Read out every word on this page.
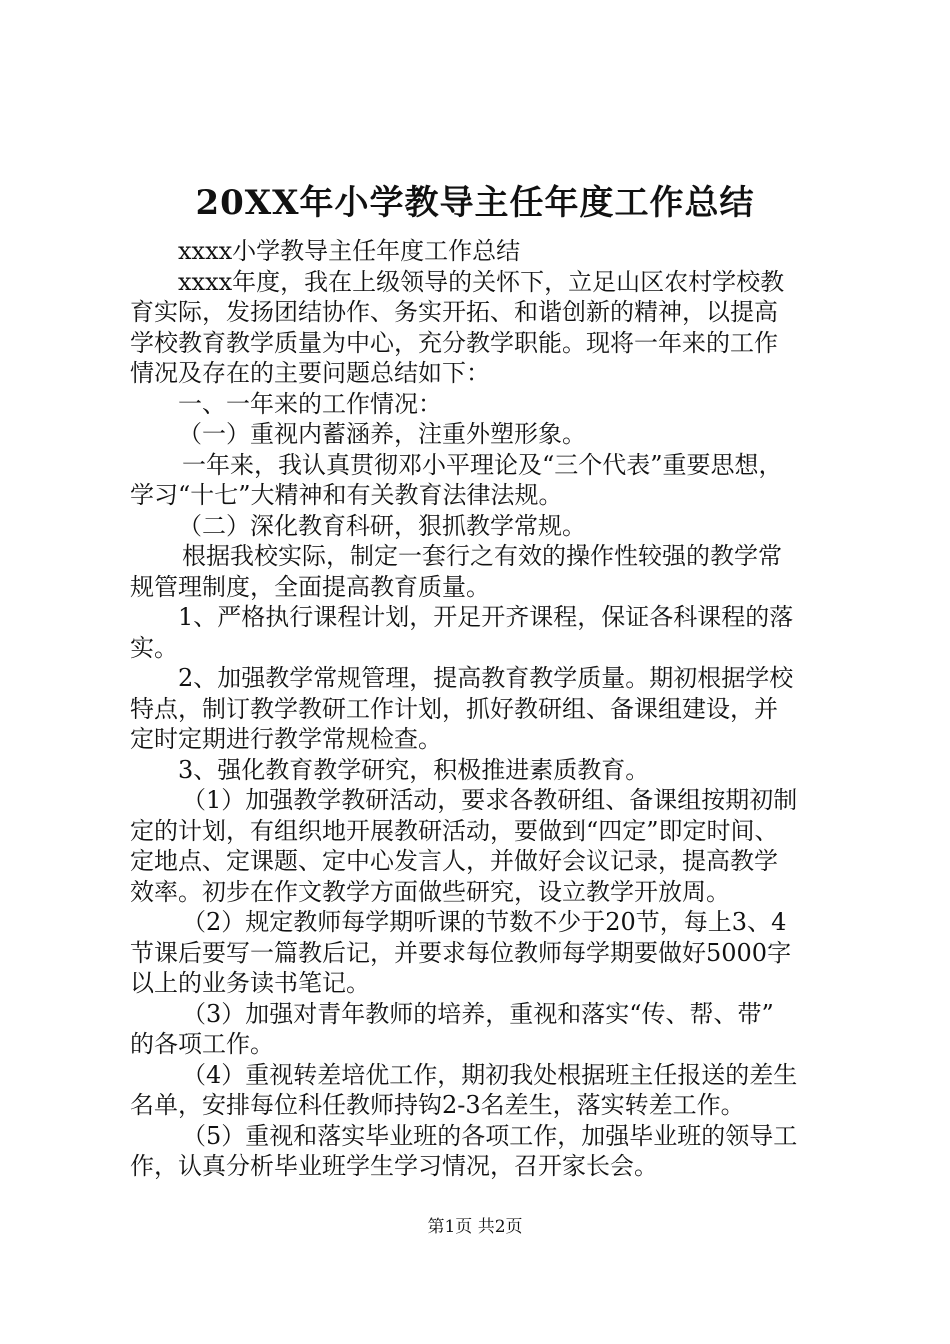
20XX年小学教导主任年度工作总结
xxxx小学教导主任年度工作总结
xxxx年度，我在上级领导的关怀下，立足山区农村学校教
育实际，发扬团结协作、务实开拓、和谐创新的精神，以提高
学校教育教学质量为中心，充分教学职能。现将一年来的工作
情况及存在的主要问题总结如下：
一、一年来的工作情况：
（一）重视内蓄涵养，注重外塑形象。
一年来，我认真贯彻邓小平理论及“三个代表”重要思想，
学习“十七”大精神和有关教育法律法规。
（二）深化教育科研，狠抓教学常规。
根据我校实际，制定一套行之有效的操作性较强的教学常
规管理制度，全面提高教育质量。
1、严格执行课程计划，开足开齐课程，保证各科课程的落
实。
2、加强教学常规管理，提高教育教学质量。期初根据学校
特点，制订教学教研工作计划，抓好教研组、备课组建设，并
定时定期进行教学常规检查。
3、强化教育教学研究，积极推进素质教育。
（1）加强教学教研活动，要求各教研组、备课组按期初制
定的计划，有组织地开展教研活动，要做到“四定”即定时间、
定地点、定课题、定中心发言人，并做好会议记录，提高教学
效率。初步在作文教学方面做些研究，设立教学开放周。
（2）规定教师每学期听课的节数不少于20节，每上3、4
节课后要写一篇教后记，并要求每位教师每学期要做好5000字
以上的业务读书笔记。
（3）加强对青年教师的培养，重视和落实“传、帮、带”
的各项工作。
（4）重视转差培优工作，期初我处根据班主任报送的差生
名单，安排每位科任教师持钩2-3名差生，落实转差工作。
（5）重视和落实毕业班的各项工作，加强毕业班的领导工
作，认真分析毕业班学生学习情况，召开家长会。
第1页 共2页
